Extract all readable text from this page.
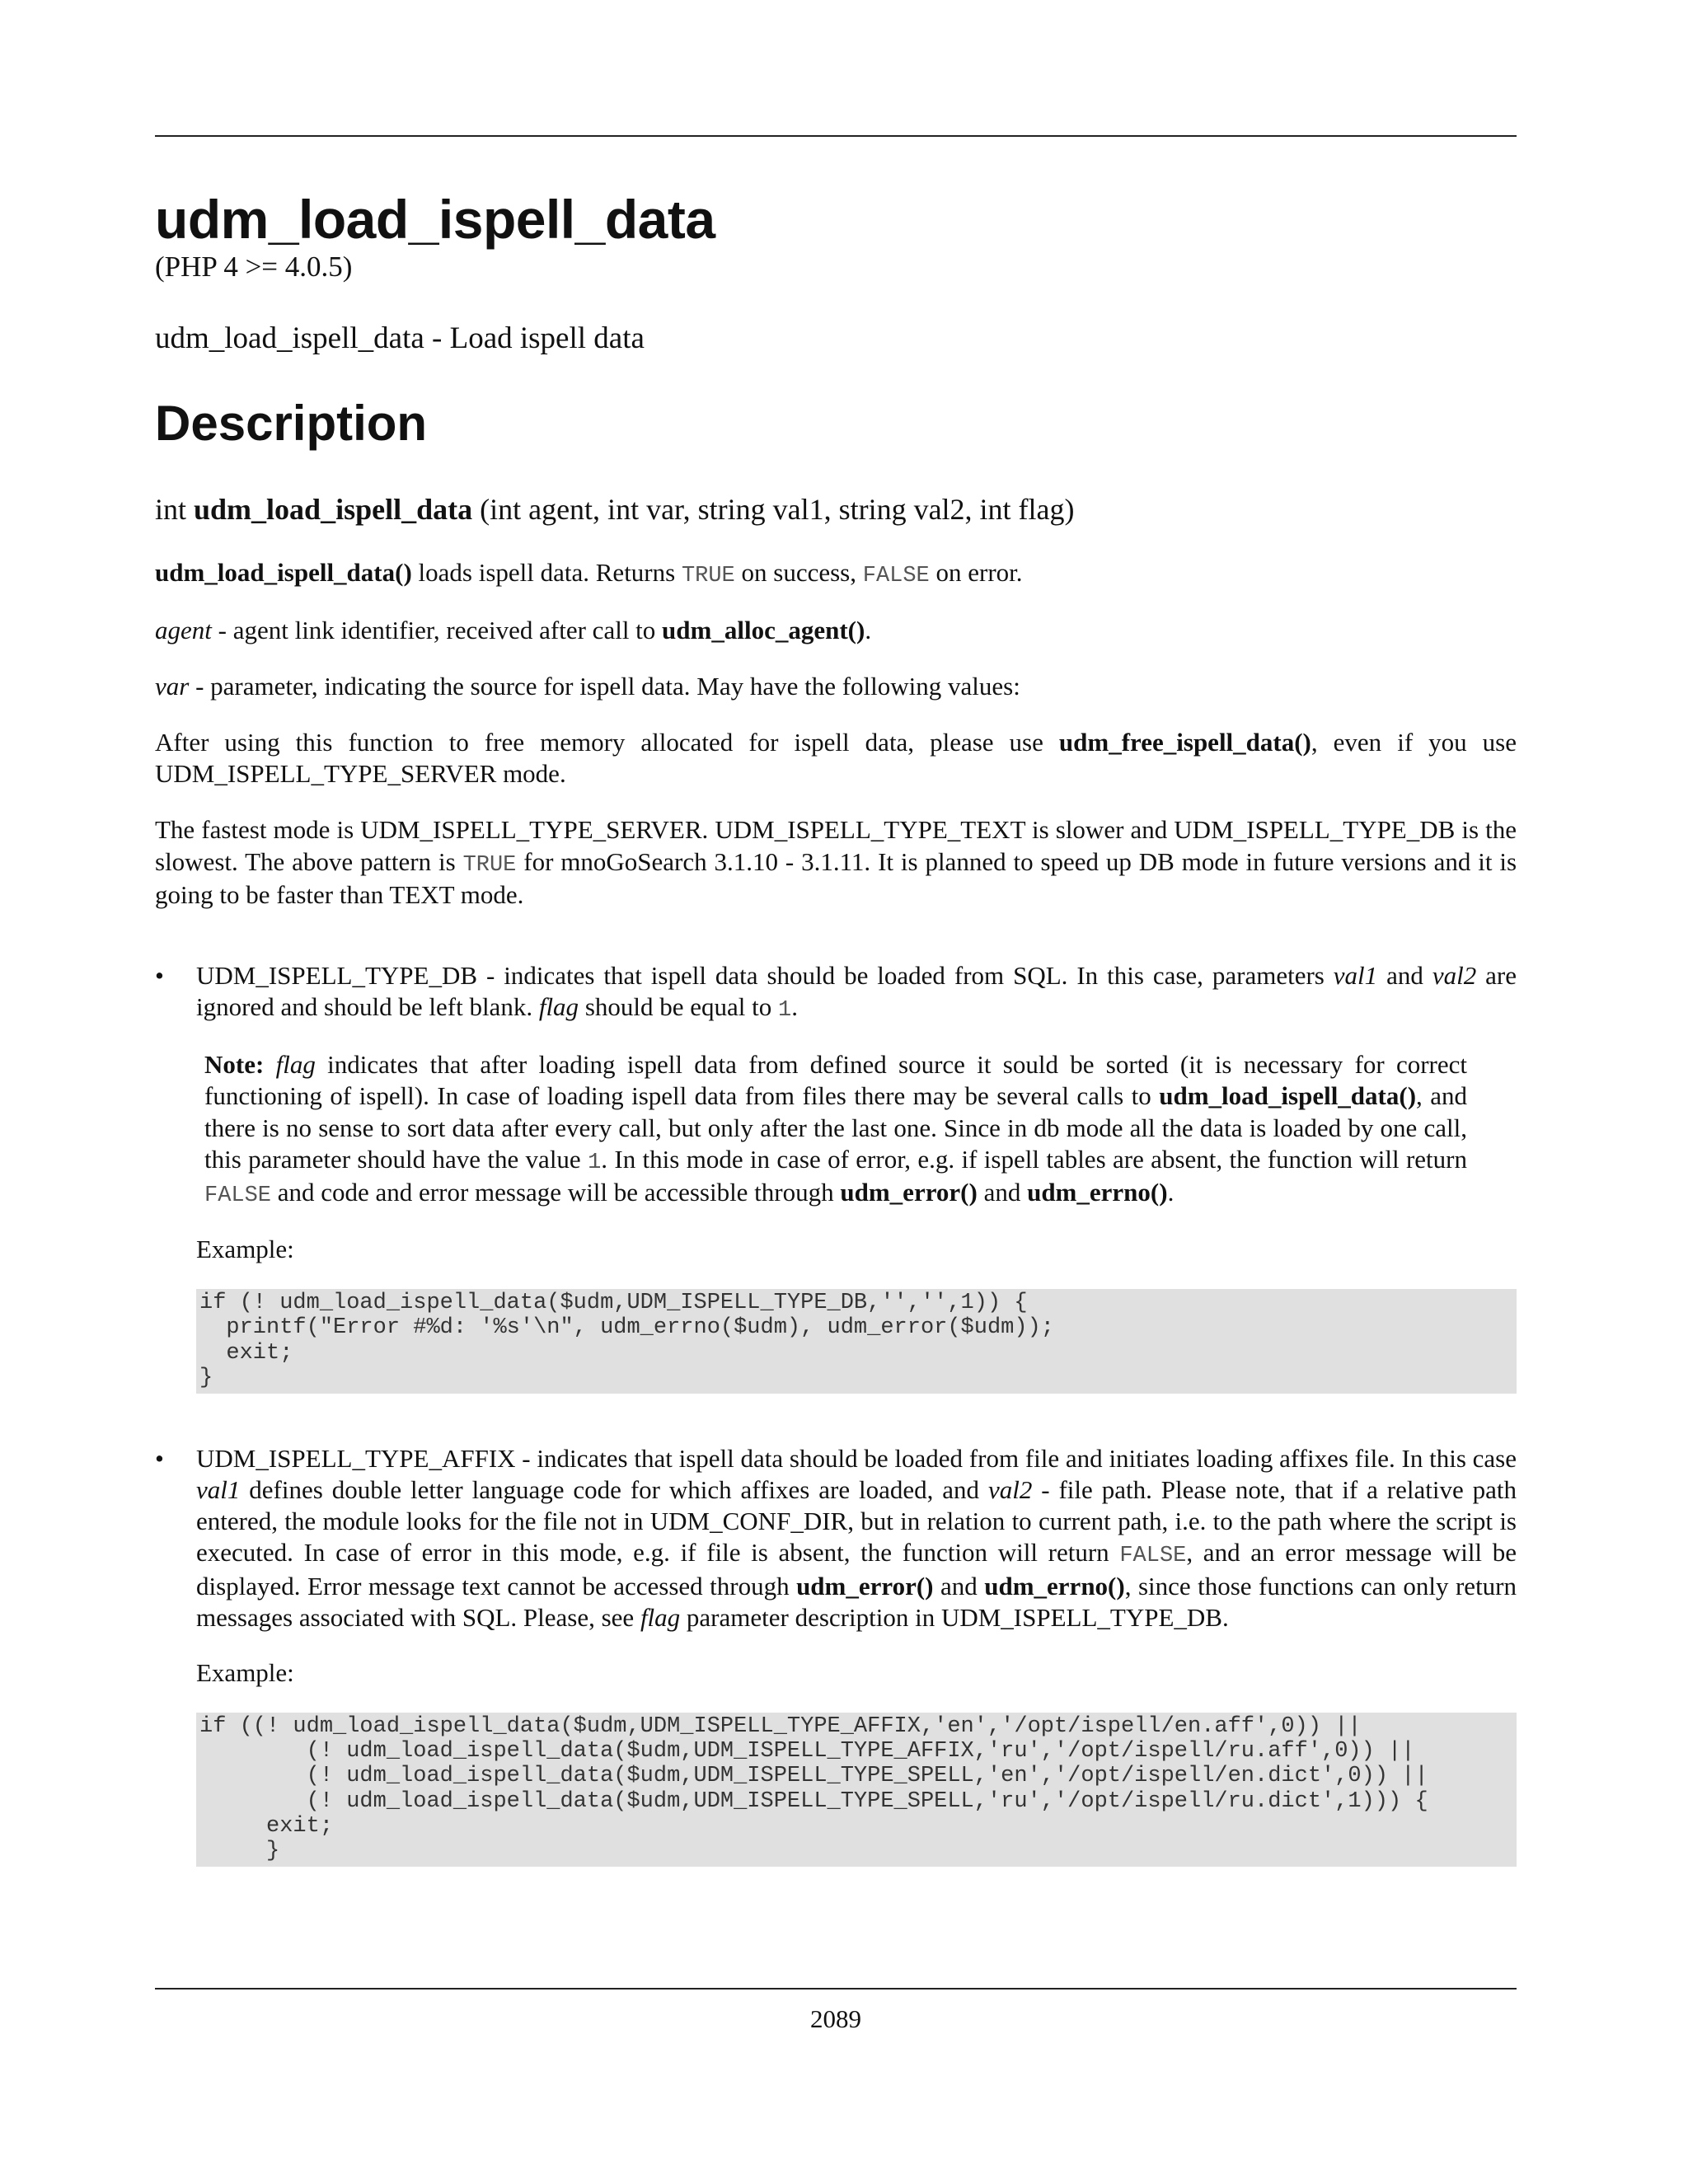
udm_load_ispell_data
(PHP 4 >= 4.0.5)
udm_load_ispell_data - Load ispell data
Description
int udm_load_ispell_data (int agent, int var, string val1, string val2, int flag)

udm_load_ispell_data() loads ispell data. Returns TRUE on success, FALSE on error.

agent - agent link identifier, received after call to udm_alloc_agent().

var - parameter, indicating the source for ispell data. May have the following values:

After using this function to free memory allocated for ispell data, please use udm_free_ispell_data(), even if you use UDM_ISPELL_TYPE_SERVER mode.

The fastest mode is UDM_ISPELL_TYPE_SERVER. UDM_ISPELL_TYPE_TEXT is slower and UDM_ISPELL_TYPE_DB is the slowest. The above pattern is TRUE for mnoGoSearch 3.1.10 - 3.1.11. It is planned to speed up DB mode in future versions and it is going to be faster than TEXT mode.

• UDM_ISPELL_TYPE_DB - indicates that ispell data should be loaded from SQL. In this case, parameters val1 and val2 are ignored and should be left blank. flag should be equal to 1.

Note: flag indicates that after loading ispell data from defined source it sould be sorted (it is necessary for correct functioning of ispell). In case of loading ispell data from files there may be several calls to udm_load_ispell_data(), and there is no sense to sort data after every call, but only after the last one. Since in db mode all the data is loaded by one call, this parameter should have the value 1. In this mode in case of error, e.g. if ispell tables are absent, the function will return FALSE and code and error message will be accessible through udm_error() and udm_errno().

Example:
if (! udm_load_ispell_data($udm,UDM_ISPELL_TYPE_DB,'','',1)) {
printf("Error #%d: '%s'\n", udm_errno($udm), udm_error($udm));
exit;
}
• UDM_ISPELL_TYPE_AFFIX - indicates that ispell data should be loaded from file and initiates loading affixes file. In this case val1 defines double letter language code for which affixes are loaded, and val2 - file path. Please note, that if a relative path entered, the module looks for the file not in UDM_CONF_DIR, but in relation to current path, i.e. to the path where the script is executed. In case of error in this mode, e.g. if file is absent, the function will return FALSE, and an error message will be displayed. Error message text cannot be accessed through udm_error() and udm_errno(), since those functions can only return messages associated with SQL. Please, see flag parameter description in UDM_ISPELL_TYPE_DB.

Example:
if ((! udm_load_ispell_data($udm,UDM_ISPELL_TYPE_AFFIX,'en','/opt/ispell/en.aff',0)) ||
(! udm_load_ispell_data($udm,UDM_ISPELL_TYPE_AFFIX,'ru','/opt/ispell/ru.aff',0)) ||
(! udm_load_ispell_data($udm,UDM_ISPELL_TYPE_SPELL,'en','/opt/ispell/en.dict',0)) ||
(! udm_load_ispell_data($udm,UDM_ISPELL_TYPE_SPELL,'ru','/opt/ispell/ru.dict',1))) {
exit;
}
2089
